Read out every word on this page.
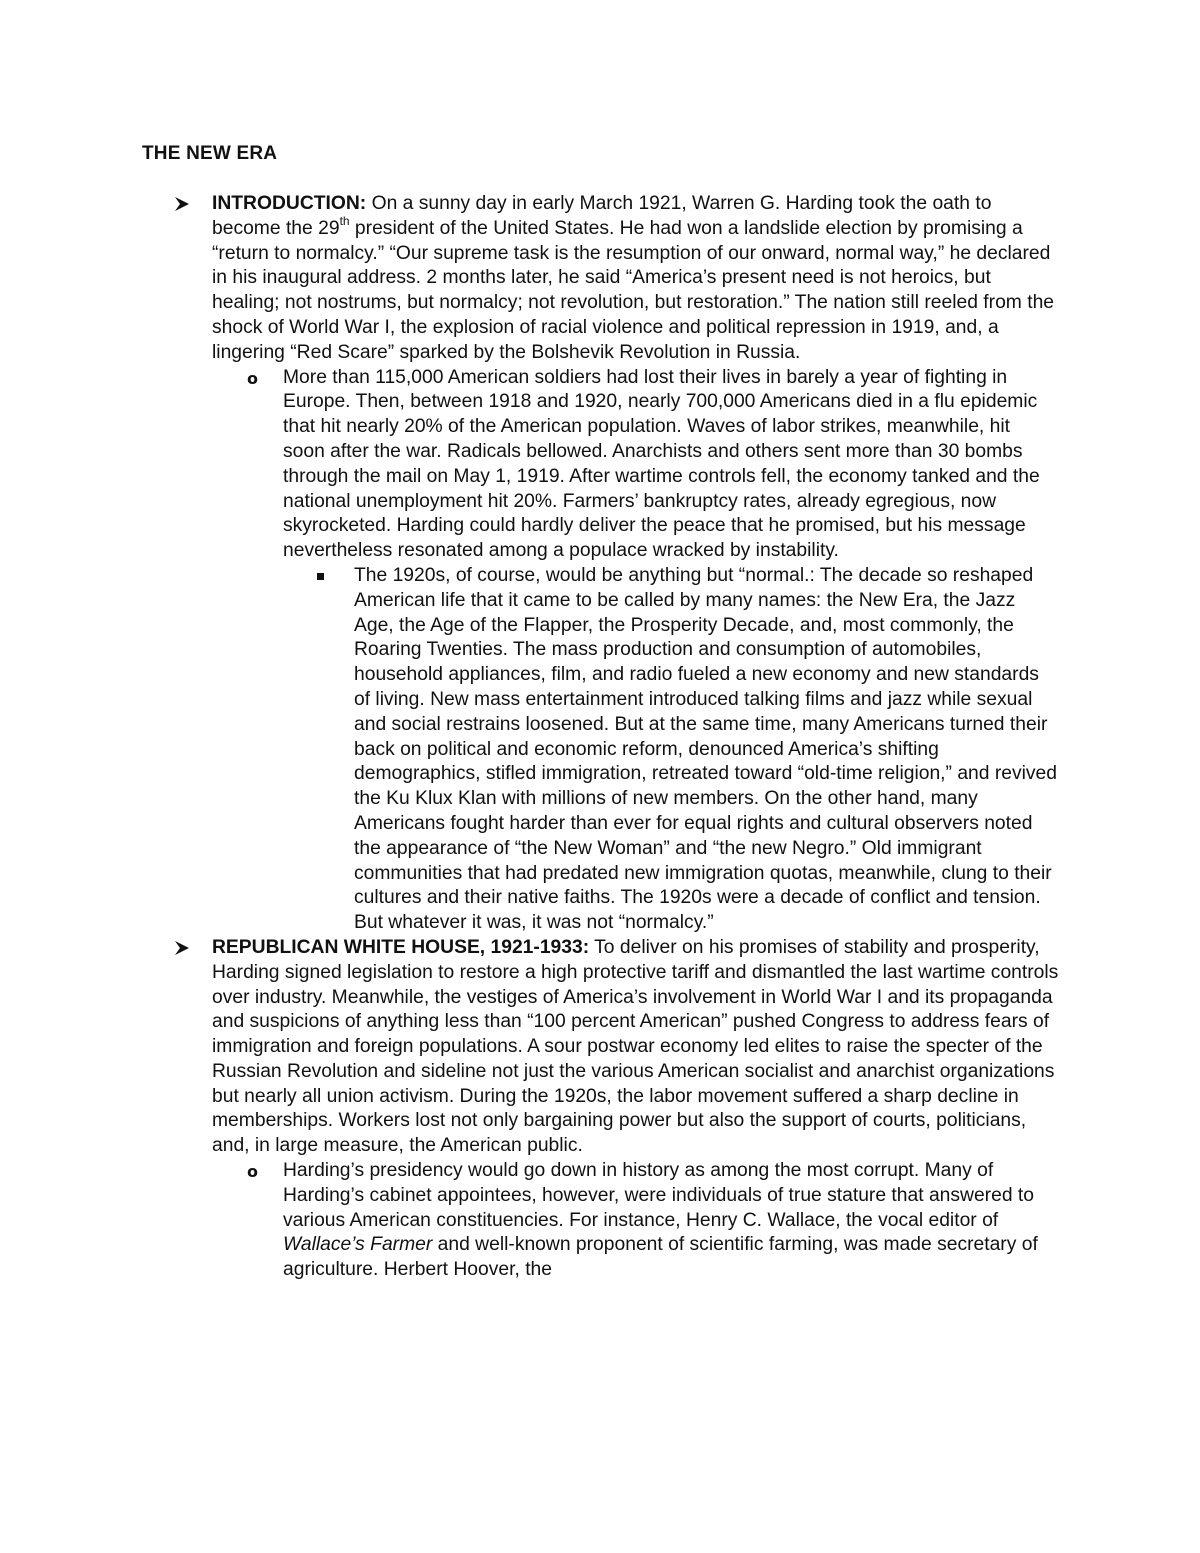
THE NEW ERA
INTRODUCTION: On a sunny day in early March 1921, Warren G. Harding took the oath to become the 29th president of the United States. He had won a landslide election by promising a “return to normalcy.” “Our supreme task is the resumption of our onward, normal way,” he declared in his inaugural address. 2 months later, he said “America’s present need is not heroics, but healing; not nostrums, but normalcy; not revolution, but restoration.” The nation still reeled from the shock of World War I, the explosion of racial violence and political repression in 1919, and, a lingering “Red Scare” sparked by the Bolshevik Revolution in Russia.
o More than 115,000 American soldiers had lost their lives in barely a year of fighting in Europe. Then, between 1918 and 1920, nearly 700,000 Americans died in a flu epidemic that hit nearly 20% of the American population. Waves of labor strikes, meanwhile, hit soon after the war. Radicals bellowed. Anarchists and others sent more than 30 bombs through the mail on May 1, 1919. After wartime controls fell, the economy tanked and the national unemployment hit 20%. Farmers’ bankruptcy rates, already egregious, now skyrocketed. Harding could hardly deliver the peace that he promised, but his message nevertheless resonated among a populace wracked by instability.
The 1920s, of course, would be anything but “normal.: The decade so reshaped American life that it came to be called by many names: the New Era, the Jazz Age, the Age of the Flapper, the Prosperity Decade, and, most commonly, the Roaring Twenties. The mass production and consumption of automobiles, household appliances, film, and radio fueled a new economy and new standards of living. New mass entertainment introduced talking films and jazz while sexual and social restrains loosened. But at the same time, many Americans turned their back on political and economic reform, denounced America’s shifting demographics, stifled immigration, retreated toward “old-time religion,” and revived the Ku Klux Klan with millions of new members. On the other hand, many Americans fought harder than ever for equal rights and cultural observers noted the appearance of “the New Woman” and “the new Negro.” Old immigrant communities that had predated new immigration quotas, meanwhile, clung to their cultures and their native faiths. The 1920s were a decade of conflict and tension. But whatever it was, it was not “normalcy.”
REPUBLICAN WHITE HOUSE, 1921-1933: To deliver on his promises of stability and prosperity, Harding signed legislation to restore a high protective tariff and dismantled the last wartime controls over industry. Meanwhile, the vestiges of America’s involvement in World War I and its propaganda and suspicions of anything less than “100 percent American” pushed Congress to address fears of immigration and foreign populations. A sour postwar economy led elites to raise the specter of the Russian Revolution and sideline not just the various American socialist and anarchist organizations but nearly all union activism. During the 1920s, the labor movement suffered a sharp decline in memberships. Workers lost not only bargaining power but also the support of courts, politicians, and, in large measure, the American public.
o Harding’s presidency would go down in history as among the most corrupt. Many of Harding’s cabinet appointees, however, were individuals of true stature that answered to various American constituencies. For instance, Henry C. Wallace, the vocal editor of Wallace’s Farmer and well-known proponent of scientific farming, was made secretary of agriculture. Herbert Hoover, the
